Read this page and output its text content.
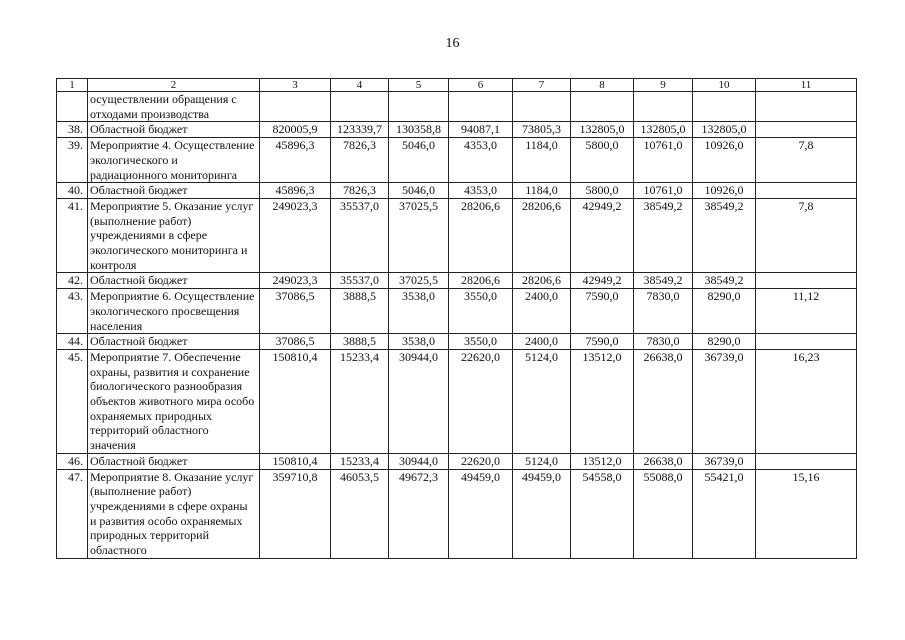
16
1	2	3	4	5	6	7	8	9	10	11
	осуществлении обращения с отходами производства									
38.	Областной бюджет	820005,9	123339,7	130358,8	94087,1	73805,3	132805,0	132805,0	132805,0	
39.	Мероприятие 4. Осуществление экологического и радиационного мониторинга	45896,3	7826,3	5046,0	4353,0	1184,0	5800,0	10761,0	10926,0	7,8
40.	Областной бюджет	45896,3	7826,3	5046,0	4353,0	1184,0	5800,0	10761,0	10926,0	
41.	Мероприятие 5. Оказание услуг (выполнение работ) учреждениями в сфере экологического мониторинга и контроля	249023,3	35537,0	37025,5	28206,6	28206,6	42949,2	38549,2	38549,2	7,8
42.	Областной бюджет	249023,3	35537,0	37025,5	28206,6	28206,6	42949,2	38549,2	38549,2	
43.	Мероприятие 6. Осуществление экологического просвещения населения	37086,5	3888,5	3538,0	3550,0	2400,0	7590,0	7830,0	8290,0	11,12
44.	Областной бюджет	37086,5	3888,5	3538,0	3550,0	2400,0	7590,0	7830,0	8290,0	
45.	Мероприятие 7. Обеспечение охраны, развития и сохранение биологического разнообразия объектов животного мира особо охраняемых природных территорий областного значения	150810,4	15233,4	30944,0	22620,0	5124,0	13512,0	26638,0	36739,0	16,23
46.	Областной бюджет	150810,4	15233,4	30944,0	22620,0	5124,0	13512,0	26638,0	36739,0	
47.	Мероприятие 8. Оказание услуг (выполнение работ) учреждениями в сфере охраны и развития особо охраняемых природных территорий областного	359710,8	46053,5	49672,3	49459,0	49459,0	54558,0	55088,0	55421,0	15,16
